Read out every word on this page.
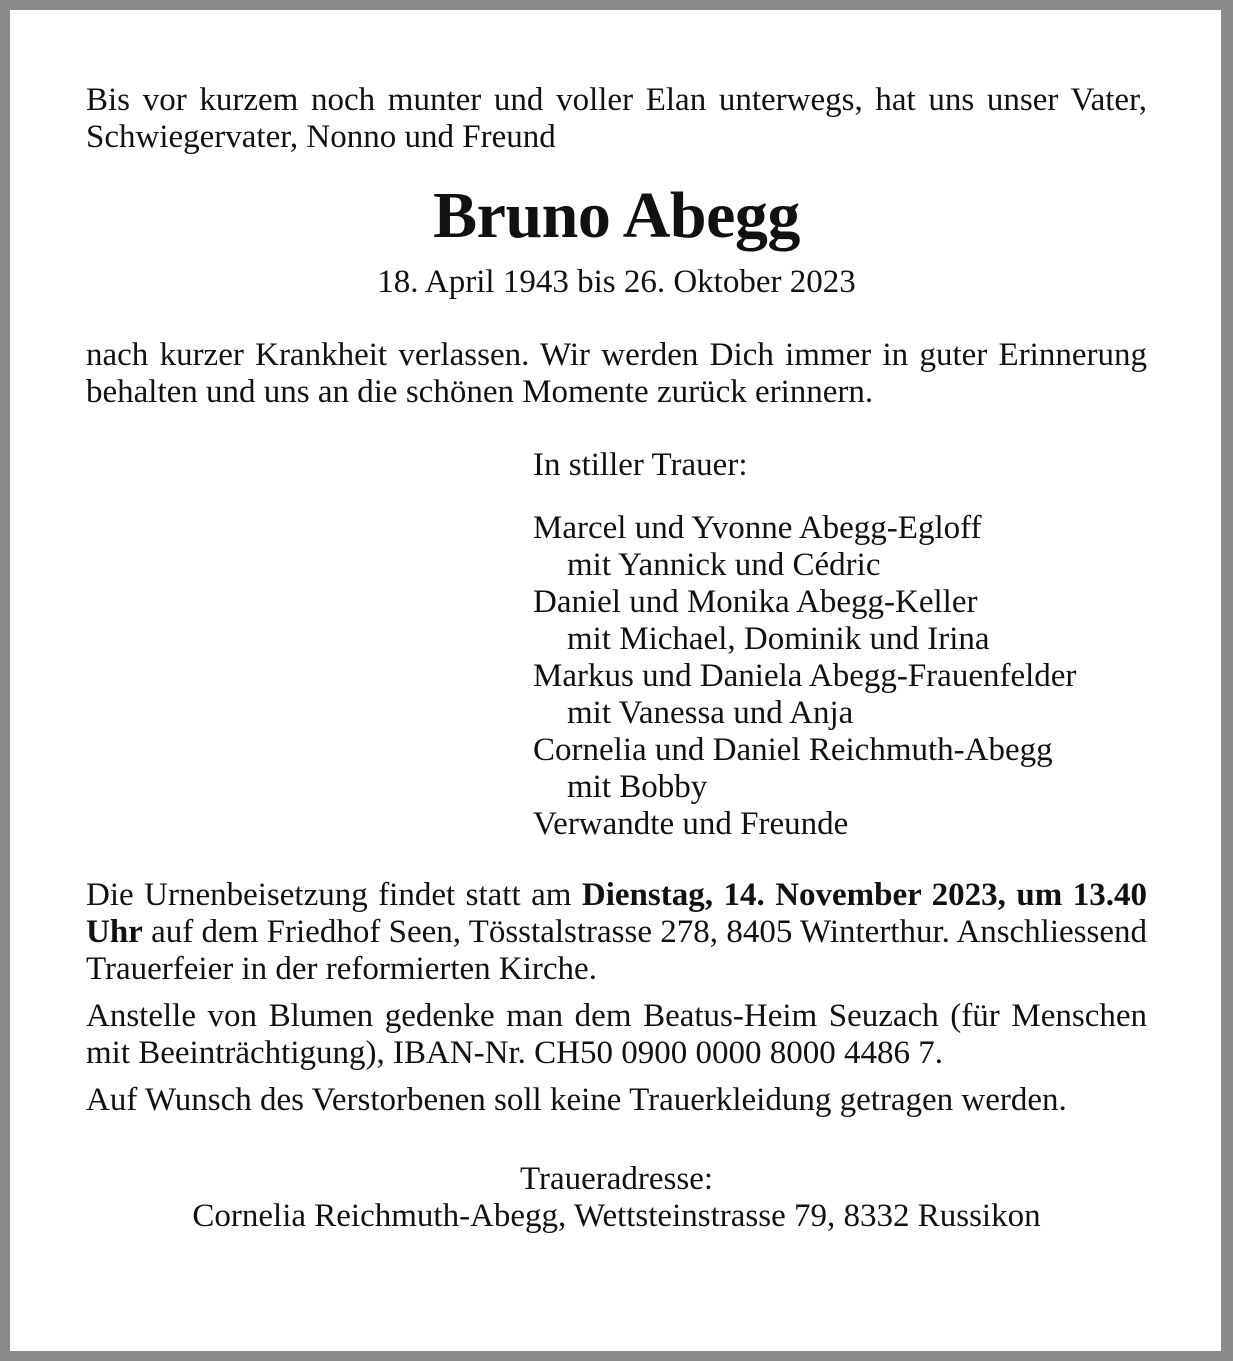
Bis vor kurzem noch munter und voller Elan unterwegs, hat uns unser Vater, Schwiegervater, Nonno und Freund

Bruno Abegg

18. April 1943 bis 26. Oktober 2023

nach kurzer Krankheit verlassen. Wir werden Dich immer in guter Erinnerung behalten und uns an die schönen Momente zurück erinnern.

In stiller Trauer:

Marcel und Yvonne Abegg-Egloff
mit Yannick und Cédric
Daniel und Monika Abegg-Keller
mit Michael, Dominik und Irina
Markus und Daniela Abegg-Frauenfelder
mit Vanessa und Anja
Cornelia und Daniel Reichmuth-Abegg
mit Bobby
Verwandte und Freunde

Die Urnenbeisetzung findet statt am Dienstag, 14. November 2023, um 13.40 Uhr auf dem Friedhof Seen, Tösstalstrasse 278, 8405 Winterthur. Anschliessend Trauerfeier in der reformierten Kirche.

Anstelle von Blumen gedenke man dem Beatus-Heim Seuzach (für Menschen mit Beeinträchtigung), IBAN-Nr. CH50 0900 0000 8000 4486 7.

Auf Wunsch des Verstorbenen soll keine Trauerkleidung getragen werden.

Traueradresse:
Cornelia Reichmuth-Abegg, Wettsteinstrasse 79, 8332 Russikon
